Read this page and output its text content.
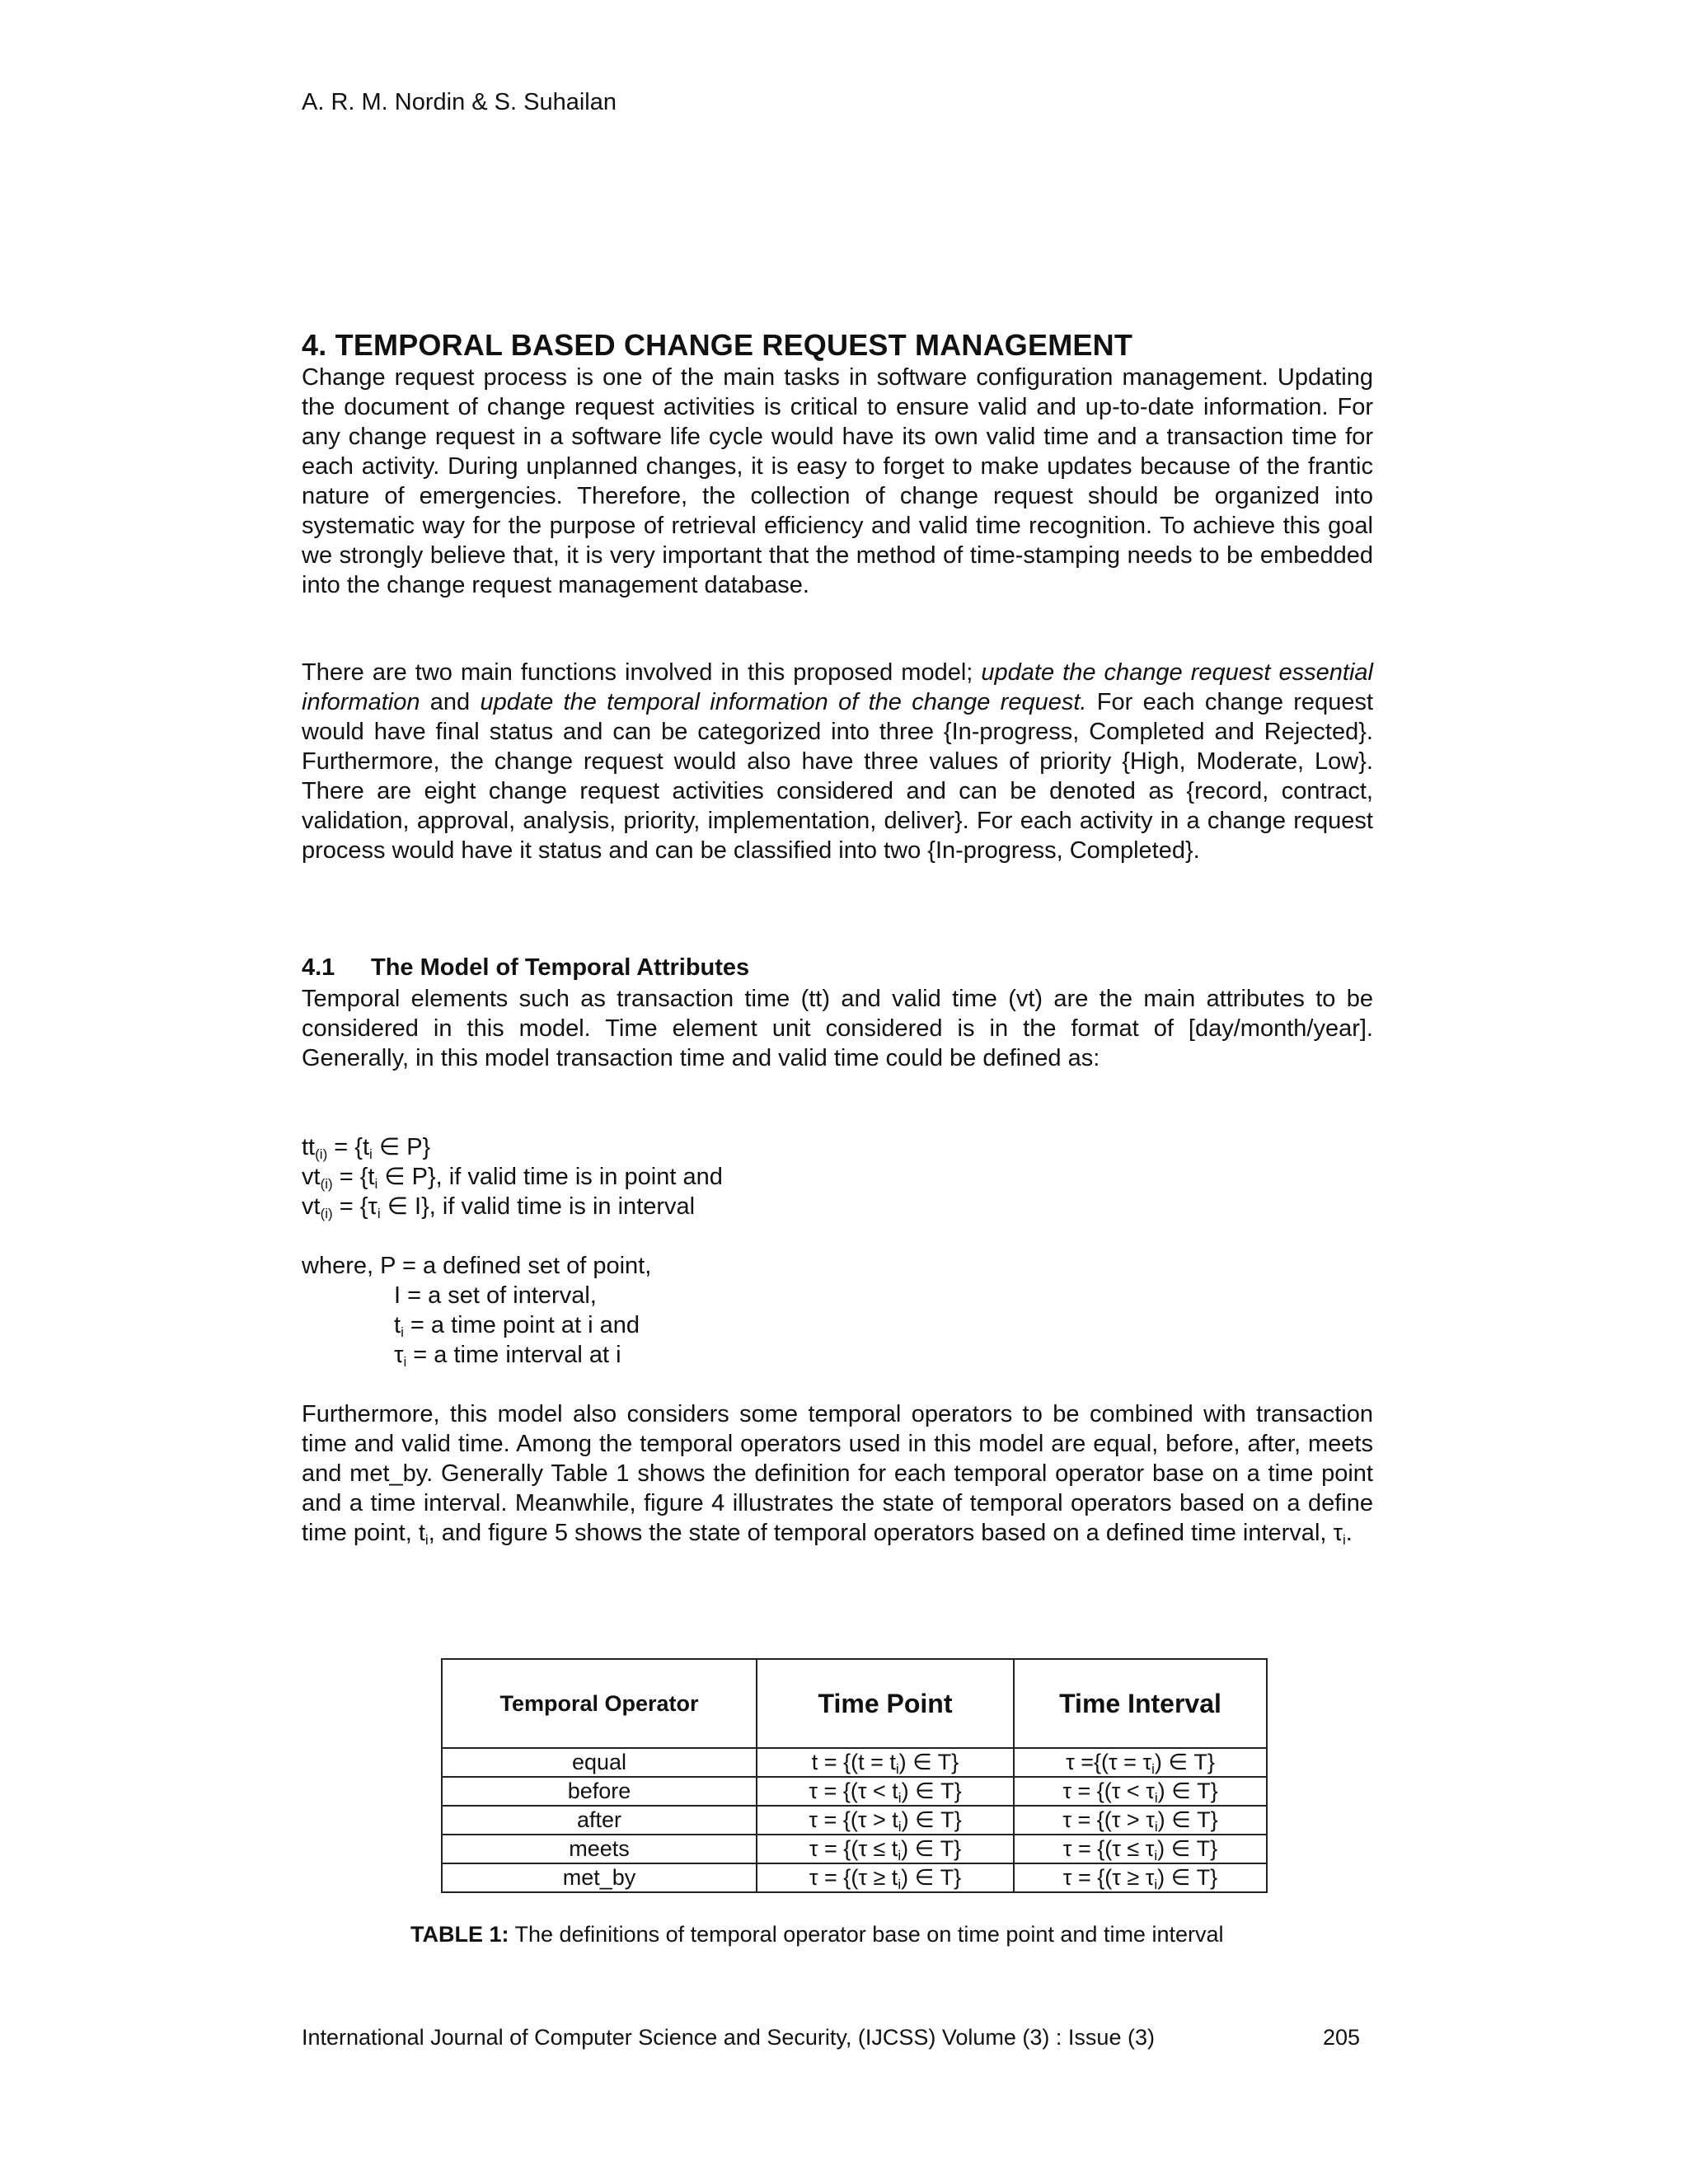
A. R. M. Nordin & S. Suhailan
4. TEMPORAL BASED CHANGE REQUEST MANAGEMENT

Change request process is one of the main tasks in software configuration management. Updating the document of change request activities is critical to ensure valid and up-to-date information. For any change request in a software life cycle would have its own valid time and a transaction time for each activity. During unplanned changes, it is easy to forget to make updates because of the frantic nature of emergencies. Therefore, the collection of change request should be organized into systematic way for the purpose of retrieval efficiency and valid time recognition. To achieve this goal we strongly believe that, it is very important that the method of time-stamping needs to be embedded into the change request management database.

There are two main functions involved in this proposed model; update the change request essential information and update the temporal information of the change request. For each change request would have final status and can be categorized into three {In-progress, Completed and Rejected}. Furthermore, the change request would also have three values of priority {High, Moderate, Low}. There are eight change request activities considered and can be denoted as {record, contract, validation, approval, analysis, priority, implementation, deliver}. For each activity in a change request process would have it status and can be classified into two {In-progress, Completed}.

4.1 The Model of Temporal Attributes

Temporal elements such as transaction time (tt) and valid time (vt) are the main attributes to be considered in this model. Time element unit considered is in the format of [day/month/year]. Generally, in this model transaction time and valid time could be defined as:

$tt_{(i)} = \{t_i$ ∈ P}
$vt_{(i)} = \{t_i$ ∈ P}, if valid time is in point and
$vt_{(i)} = \{\tau_i$ ∈ I}, if valid time is in interval
where, P = a defined set of point,
I = a set of interval,
$t_i = a$ time point at i and
$\tau_i = a$ time interval at i

Furthermore, this model also considers some temporal operators to be combined with transaction time and valid time. Among the temporal operators used in this model are equal, before, after, meets and met_by. Generally Table 1 shows the definition for each temporal operator base on a time point and a time interval. Meanwhile, figure 4 illustrates the state of temporal operators based on a define time point, $t_i$, and figure 5 shows the state of temporal operators based on a defined time interval, $\tau_i$.

Temporal Operator	Time Point	Time Interval
equal	$t = \{(t = t_i)$ ∈ T}	$\tau =\{(\tau = \tau_i)$ ∈ T}
before	$\tau = \{(\tau < t_i)$ ∈ T}	$\tau = \{(\tau < \tau_i)$ ∈ T}
after	$\tau = \{(\tau > t_i)$ ∈ T}	$\tau = \{(\tau > \tau_i)$ ∈ T}
meets	$\tau = \{(\tau \le t_i)$ ∈ T}	$\tau = \{(\tau \le \tau_i)$ ∈ T}
met_by	$\tau = \{(\tau \ge t_i)$ ∈ T}	$\tau = \{(\tau \ge \tau_i)$ ∈ T}
TABLE 1: The definitions of temporal operator base on time point and time interval
International Journal of Computer Science and Security, (IJCSS) Volume (3) : Issue (3)	205
